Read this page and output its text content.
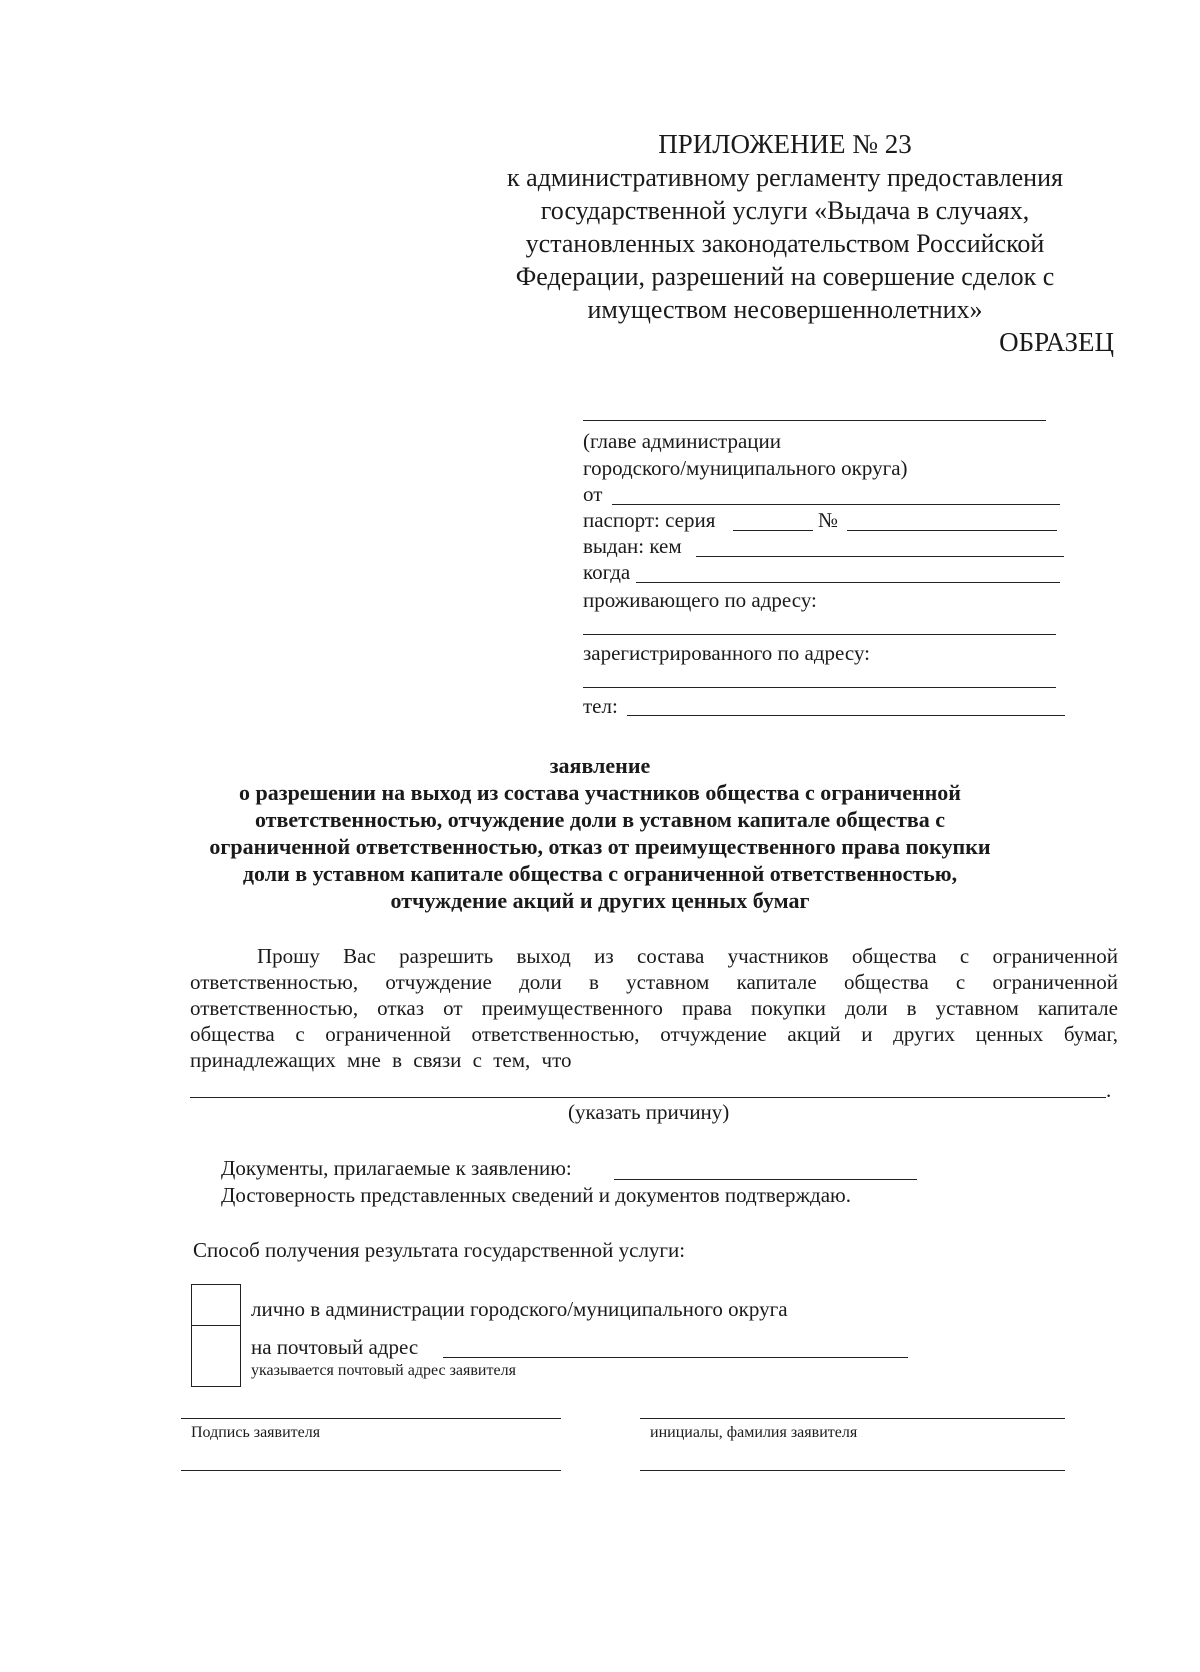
ПРИЛОЖЕНИЕ № 23
к административному регламенту предоставления
государственной услуги «Выдача в случаях,
установленных законодательством Российской
Федерации, разрешений на совершение сделок с
имуществом несовершеннолетних»
ОБРАЗЕЦ
(главе администрации
городского/муниципального округа)
от
паспорт: серия	№
выдан: кем
когда
проживающего по адресу:
зарегистрированного по адресу:
тел:
заявление
о разрешении на выход из состава участников общества с ограниченной
ответственностью, отчуждение доли в уставном капитале общества с
ограниченной ответственностью, отказ от преимущественного права покупки
доли в уставном капитале общества с ограниченной ответственностью,
отчуждение акций и других ценных бумаг
Прошу Вас разрешить выход из состава участников общества с ограниченной ответственностью, отчуждение доли в уставном капитале общества с ограниченной ответственностью, отказ от преимущественного права покупки доли в уставном капитале общества с ограниченной ответственностью, отчуждение акций и других ценных бумаг, принадлежащих мне в связи с тем, что
.
(указать причину)
Документы, прилагаемые к заявлению:
Достоверность представленных сведений и документов подтверждаю.
Способ получения результата государственной услуги:
лично в администрации городского/муниципального округа
на почтовый адрес
указывается почтовый адрес заявителя
Подпись заявителя	инициалы, фамилия заявителя
